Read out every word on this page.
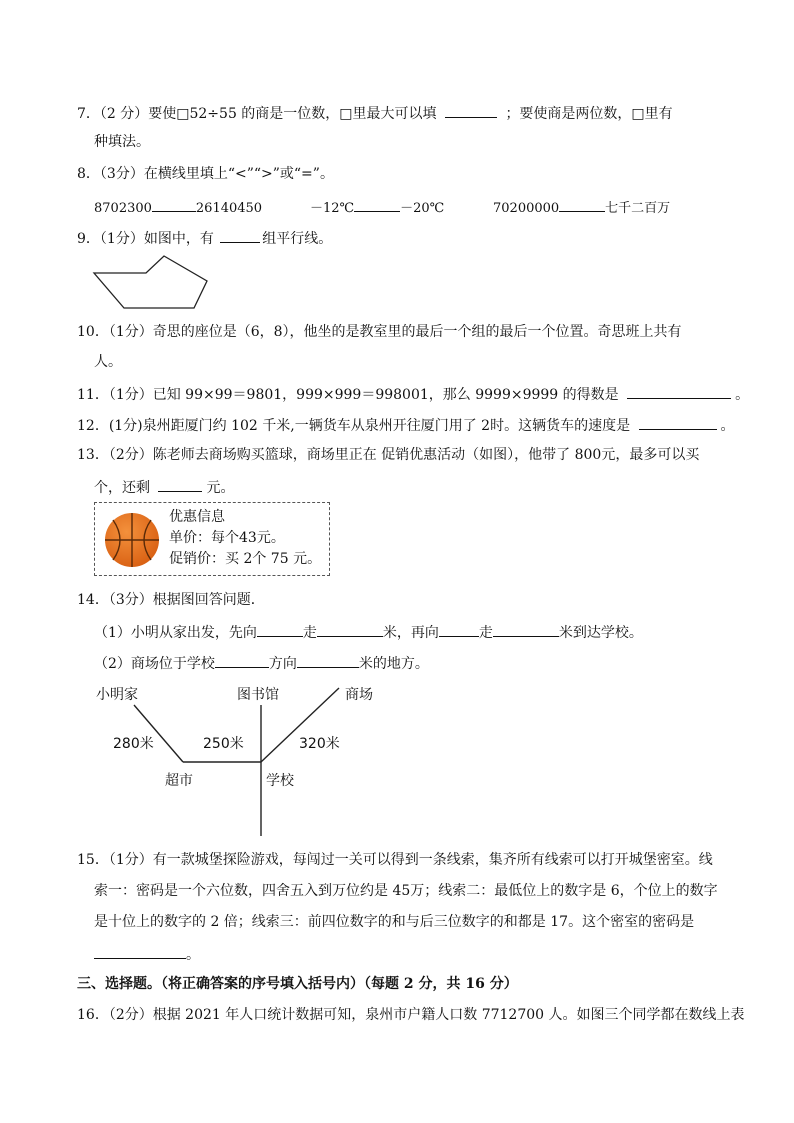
7．（2 分）要使□52÷55 的商是一位数，□里最大可以填	；要使商是两位数，□里有
种填法。
8．（3分）在横线里填上“<”“>”或“=”。
8702300	26140450	－12℃	－20℃	70200000	七千二百万
9．（1分）如图中，有	组平行线。
10．（1分）奇思的座位是（6，8），他坐的是教室里的最后一个组的最后一个位置。奇思班上共有
人。
11．（1分）已知 99×99＝9801，999×999＝998001，那么 9999×9999 的得数是	。
12．(1分)泉州距厦门约 102 千米,一辆货车从泉州开往厦门用了 2时。这辆货车的速度是	。
13．（2分）陈老师去商场购买篮球，商场里正在 促销优惠活动（如图），他带了 800元，最多可以买
个，还剩	元。
优惠信息
单价：每个43元。
促销价：买 2个 75 元。
14．（3分）根据图回答问题．
（1）小明从家出发，先向	走	米，再向	走	米到达学校。
（2）商场位于学校	方向	米的地方。
小明家	图书馆	商场
280米	250米	320米
超市	学校
15．（1分）有一款城堡探险游戏，每闯过一关可以得到一条线索，集齐所有线索可以打开城堡密室。线
索一：密码是一个六位数，四舍五入到万位约是 45万；线索二：最低位上的数字是 6，个位上的数字
是十位上的数字的 2 倍；线索三：前四位数字的和与后三位数字的和都是 17。这个密室的密码是
。
三、选择题。（将正确答案的序号填入括号内）（每题 2 分，共 16 分）
16．（2分）根据 2021 年人口统计数据可知，泉州市户籍人口数 7712700 人。如图三个同学都在数线上表
